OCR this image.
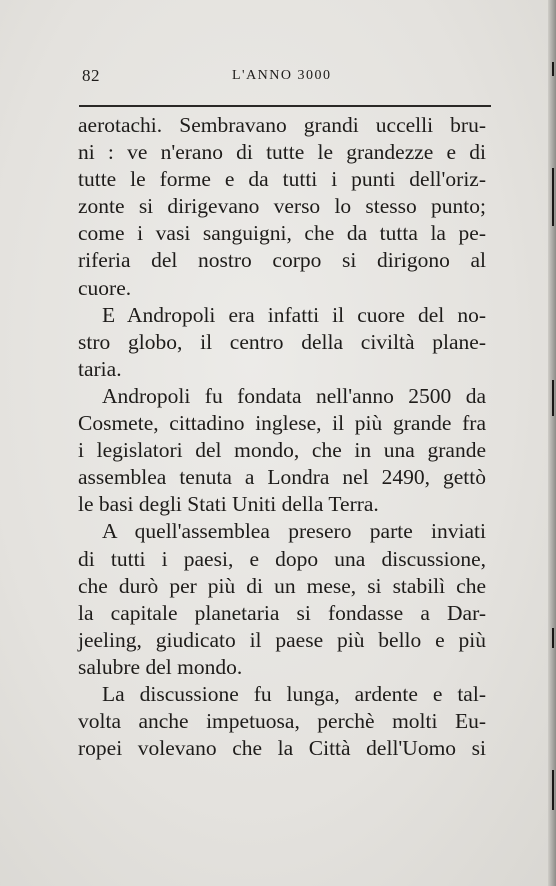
82	L'ANNO 3000
aerotachi. Sembravano grandi uccelli bru-
ni : ve n'erano di tutte le grandezze e di
tutte le forme e da tutti i punti dell'oriz-
zonte si dirigevano verso lo stesso punto;
come i vasi sanguigni, che da tutta la pe-
riferia del nostro corpo si dirigono al
cuore.
E Andropoli era infatti il cuore del no-
stro globo, il centro della civiltà plane-
taria.
Andropoli fu fondata nell'anno 2500 da
Cosmete, cittadino inglese, il più grande fra
i legislatori del mondo, che in una grande
assemblea tenuta a Londra nel 2490, gettò
le basi degli Stati Uniti della Terra.
A quell'assemblea presero parte inviati
di tutti i paesi, e dopo una discussione,
che durò per più di un mese, si stabilì che
la capitale planetaria si fondasse a Dar-
jeeling, giudicato il paese più bello e più
salubre del mondo.
La discussione fu lunga, ardente e tal-
volta anche impetuosa, perchè molti Eu-
ropei volevano che la Città dell'Uomo si
